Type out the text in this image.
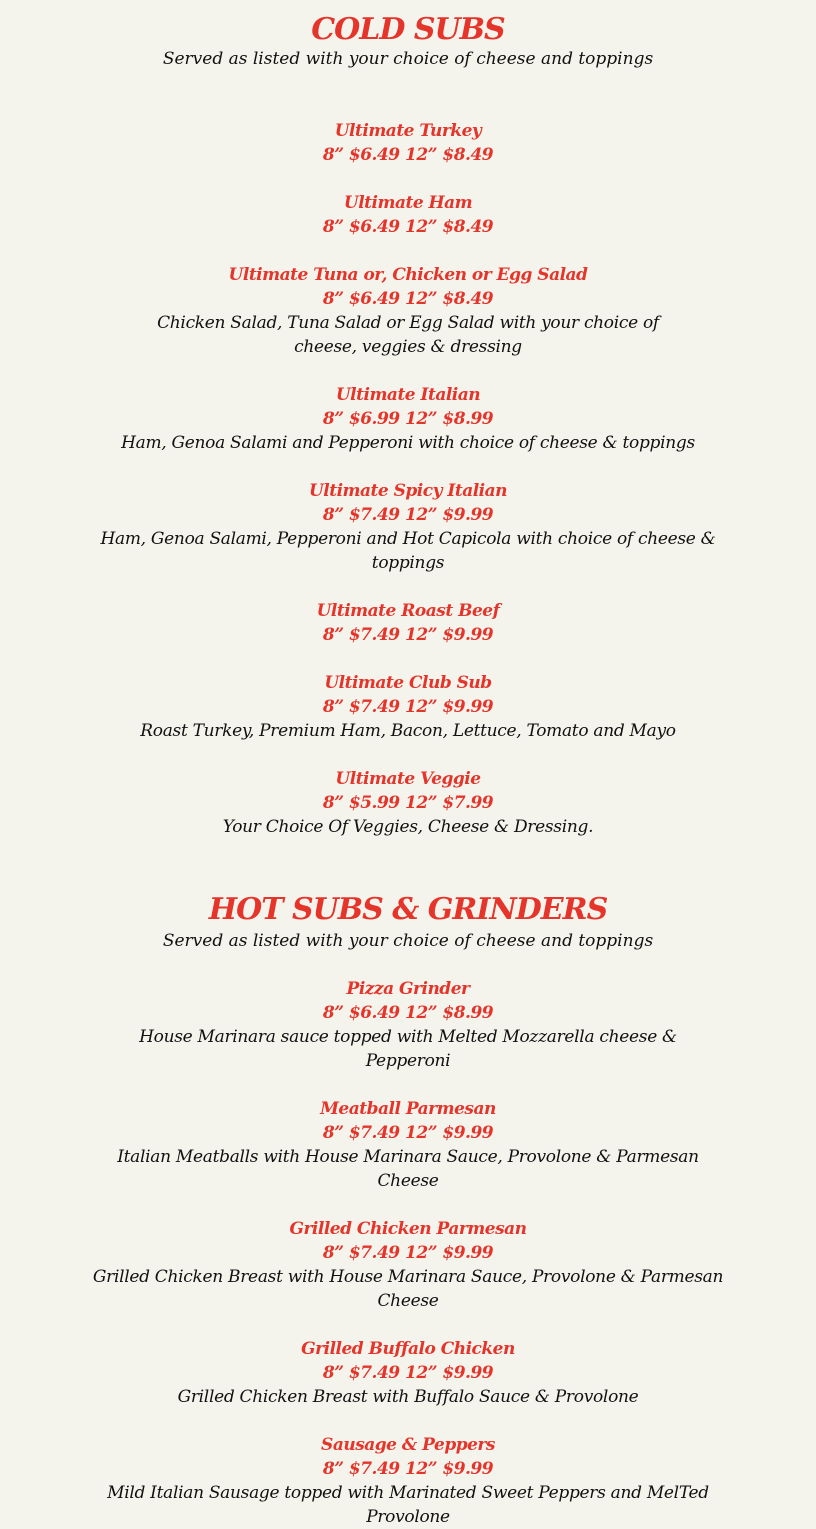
COLD SUBS

Served as listed with your choice of cheese and toppings

Ultimate Turkey

8” $6.49 12” $8.49

Ultimate Ham

8” $6.49 12” $8.49

Ultimate Tuna or, Chicken or Egg Salad

8” $6.49 12” $8.49

Chicken Salad, Tuna Salad or Egg Salad with your choice of cheese, veggies & dressing

Ultimate Italian

8” $6.99 12” $8.99

Ham, Genoa Salami and Pepperoni with choice of cheese & toppings

Ultimate Spicy Italian

8” $7.49 12” $9.99

Ham, Genoa Salami, Pepperoni and Hot Capicola with choice of cheese & toppings

Ultimate Roast Beef

8” $7.49 12” $9.99

Ultimate Club Sub

8” $7.49 12” $9.99

Roast Turkey, Premium Ham, Bacon, Lettuce, Tomato and Mayo

Ultimate Veggie

8” $5.99 12” $7.99

Your Choice Of Veggies, Cheese & Dressing.

HOT SUBS & GRINDERS

Served as listed with your choice of cheese and toppings

Pizza Grinder

8” $6.49 12” $8.99

House Marinara sauce topped with Melted Mozzarella cheese & Pepperoni

Meatball Parmesan

8” $7.49 12” $9.99

Italian Meatballs with House Marinara Sauce, Provolone & Parmesan Cheese

Grilled Chicken Parmesan

8” $7.49 12” $9.99

Grilled Chicken Breast with House Marinara Sauce, Provolone & Parmesan Cheese

Grilled Buffalo Chicken

8” $7.49 12” $9.99

Grilled Chicken Breast with Buffalo Sauce & Provolone

Sausage & Peppers

8” $7.49 12” $9.99

Mild Italian Sausage topped with Marinated Sweet Peppers and MelTed Provolone
